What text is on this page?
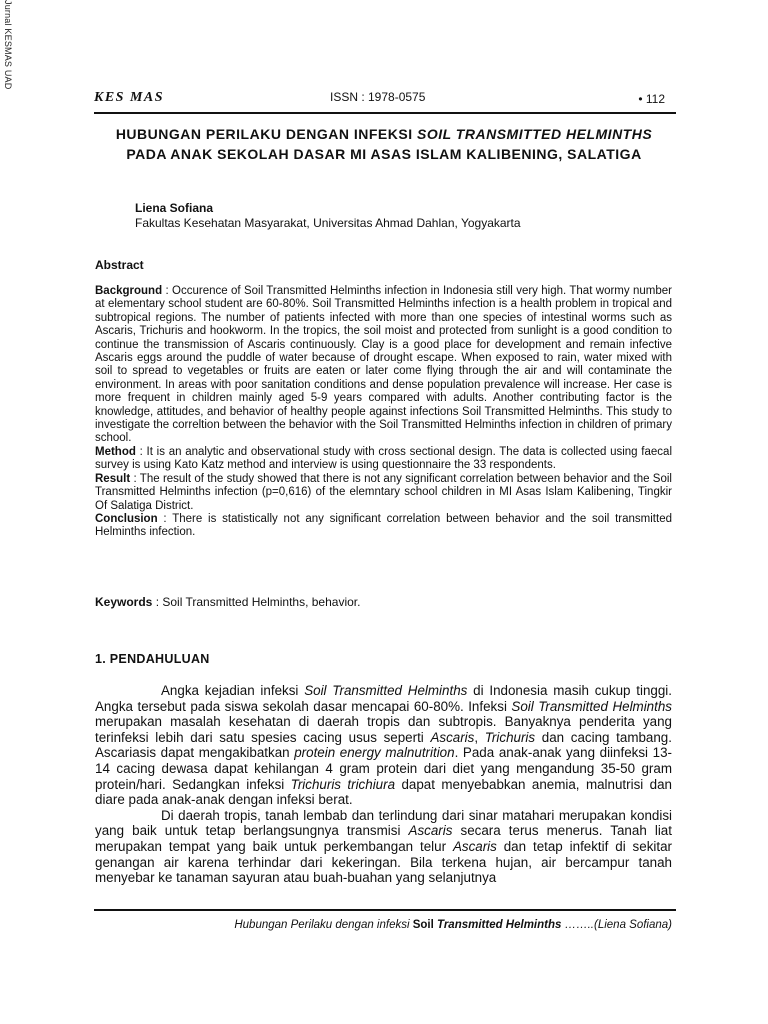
Jurnal KESMAS UAD
KES MAS	ISSN : 1978-0575	• 112
HUBUNGAN PERILAKU DENGAN INFEKSI SOIL TRANSMITTED HELMINTHS PADA ANAK SEKOLAH DASAR MI ASAS ISLAM KALIBENING, SALATIGA
Liena Sofiana
Fakultas Kesehatan Masyarakat, Universitas Ahmad Dahlan, Yogyakarta
Abstract

Background : Occurence of Soil Transmitted Helminths infection in Indonesia still very high. That wormy number at elementary school student are 60-80%. Soil Transmitted Helminths infection is a health problem in tropical and subtropical regions. The number of patients infected with more than one species of intestinal worms such as Ascaris, Trichuris and hookworm. In the tropics, the soil moist and protected from sunlight is a good condition to continue the transmission of Ascaris continuously. Clay is a good place for development and remain infective Ascaris eggs around the puddle of water because of drought escape. When exposed to rain, water mixed with soil to spread to vegetables or fruits are eaten or later come flying through the air and will contaminate the environment. In areas with poor sanitation conditions and dense population prevalence will increase. Her case is more frequent in children mainly aged 5-9 years compared with adults. Another contributing factor is the knowledge, attitudes, and behavior of healthy people against infections Soil Transmitted Helminths. This study to investigate the correltion between the behavior with the Soil Transmitted Helminths infection in children of primary school.

Method : It is an analytic and observational study with cross sectional design. The data is collected using faecal survey is using Kato Katz method and interview is using questionnaire the 33 respondents.

Result : The result of the study showed that there is not any significant correlation between behavior and the Soil Transmitted Helminths infection (p=0,616) of the elemntary school children in MI Asas Islam Kalibening, Tingkir Of Salatiga District.

Conclusion : There is statistically not any significant correlation between behavior and the soil transmitted Helminths infection.

Keywords : Soil Transmitted Helminths, behavior.
1. PENDAHULUAN

Angka kejadian infeksi Soil Transmitted Helminths di Indonesia masih cukup tinggi. Angka tersebut pada siswa sekolah dasar mencapai 60-80%. Infeksi Soil Transmitted Helminths merupakan masalah kesehatan di daerah tropis dan subtropis. Banyaknya penderita yang terinfeksi lebih dari satu spesies cacing usus seperti Ascaris, Trichuris dan cacing tambang. Ascariasis dapat mengakibatkan protein energy malnutrition. Pada anak-anak yang diinfeksi 13-14 cacing dewasa dapat kehilangan 4 gram protein dari diet yang mengandung 35-50 gram protein/hari. Sedangkan infeksi Trichuris trichiura dapat menyebabkan anemia, malnutrisi dan diare pada anak-anak dengan infeksi berat.

Di daerah tropis, tanah lembab dan terlindung dari sinar matahari merupakan kondisi yang baik untuk tetap berlangsungnya transmisi Ascaris secara terus menerus. Tanah liat merupakan tempat yang baik untuk perkembangan telur Ascaris dan tetap infektif di sekitar genangan air karena terhindar dari kekeringan. Bila terkena hujan, air bercampur tanah menyebar ke tanaman sayuran atau buah-buahan yang selanjutnya

Hubungan Perilaku dengan infeksi Soil Transmitted Helminths ……..(Liena Sofiana)
